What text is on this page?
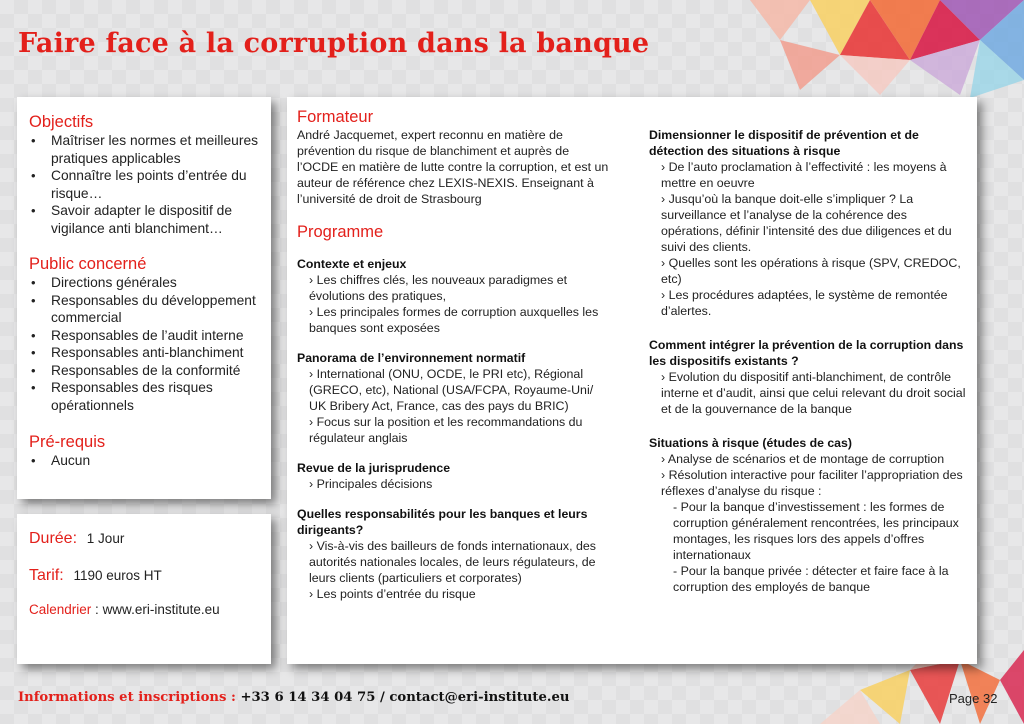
Faire face à la corruption dans la banque
Objectifs
• Maîtriser les normes et meilleures pratiques applicables
• Connaître les points d’entrée du risque…
• Savoir adapter le dispositif de vigilance anti blanchiment…
Public concerné
• Directions générales
• Responsables du développement commercial
• Responsables de l’audit interne
• Responsables anti-blanchiment
• Responsables de la conformité
• Responsables des risques opérationnels
Pré-requis
• Aucun
Durée: 1 Jour
Tarif: 1190 euros HT
Calendrier : www.eri-institute.eu
Formateur

André Jacquemet, expert reconnu en matière de prévention du risque de blanchiment et auprès de l’OCDE en matière de lutte contre la corruption, et est un auteur de référence chez LEXIS-NEXIS. Enseignant à l’université de droit de Strasbourg

Programme

Contexte et enjeux

› Les chiffres clés, les nouveaux paradigmes et évolutions des pratiques,

› Les principales formes de corruption auxquelles les banques sont exposées

Panorama de l’environnement normatif

› International (ONU, OCDE, le PRI etc), Régional (GRECO, etc), National (USA/FCPA, Royaume-Uni/ UK Bribery Act, France, cas des pays du BRIC)

› Focus sur la position et les recommandations du régulateur anglais

Revue de la jurisprudence

› Principales décisions

Quelles responsabilités pour les banques et leurs dirigeants?

› Vis-à-vis des bailleurs de fonds internationaux, des autorités nationales locales, de leurs régulateurs, de leurs clients (particuliers et corporates)

› Les points d’entrée du risque

Dimensionner le dispositif de prévention et de détection des situations à risque

› De l’auto proclamation à l’effectivité : les moyens à mettre en oeuvre

› Jusqu’où la banque doit-elle s’impliquer ? La surveillance et l’analyse de la cohérence des opérations, définir l’intensité des due diligences et du suivi des clients.

› Quelles sont les opérations à risque (SPV, CREDOC, etc)

› Les procédures adaptées, le système de remontée d’alertes.

Comment intégrer la prévention de la corruption dans les dispositifs existants ?

› Evolution du dispositif anti-blanchiment, de contrôle interne et d’audit, ainsi que celui relevant du droit social et de la gouvernance de la banque

Situations à risque (études de cas)

› Analyse de scénarios et de montage de corruption

› Résolution interactive pour faciliter l’appropriation des réflexes d’analyse du risque :

- Pour la banque d’investissement : les formes de corruption généralement rencontrées, les principaux montages, les risques lors des appels d’offres internationaux

- Pour la banque privée : détecter et faire face à la corruption des employés de banque

Informations et inscriptions : +33 6 14 34 04 75 / contact@eri-institute.eu	Page 32
